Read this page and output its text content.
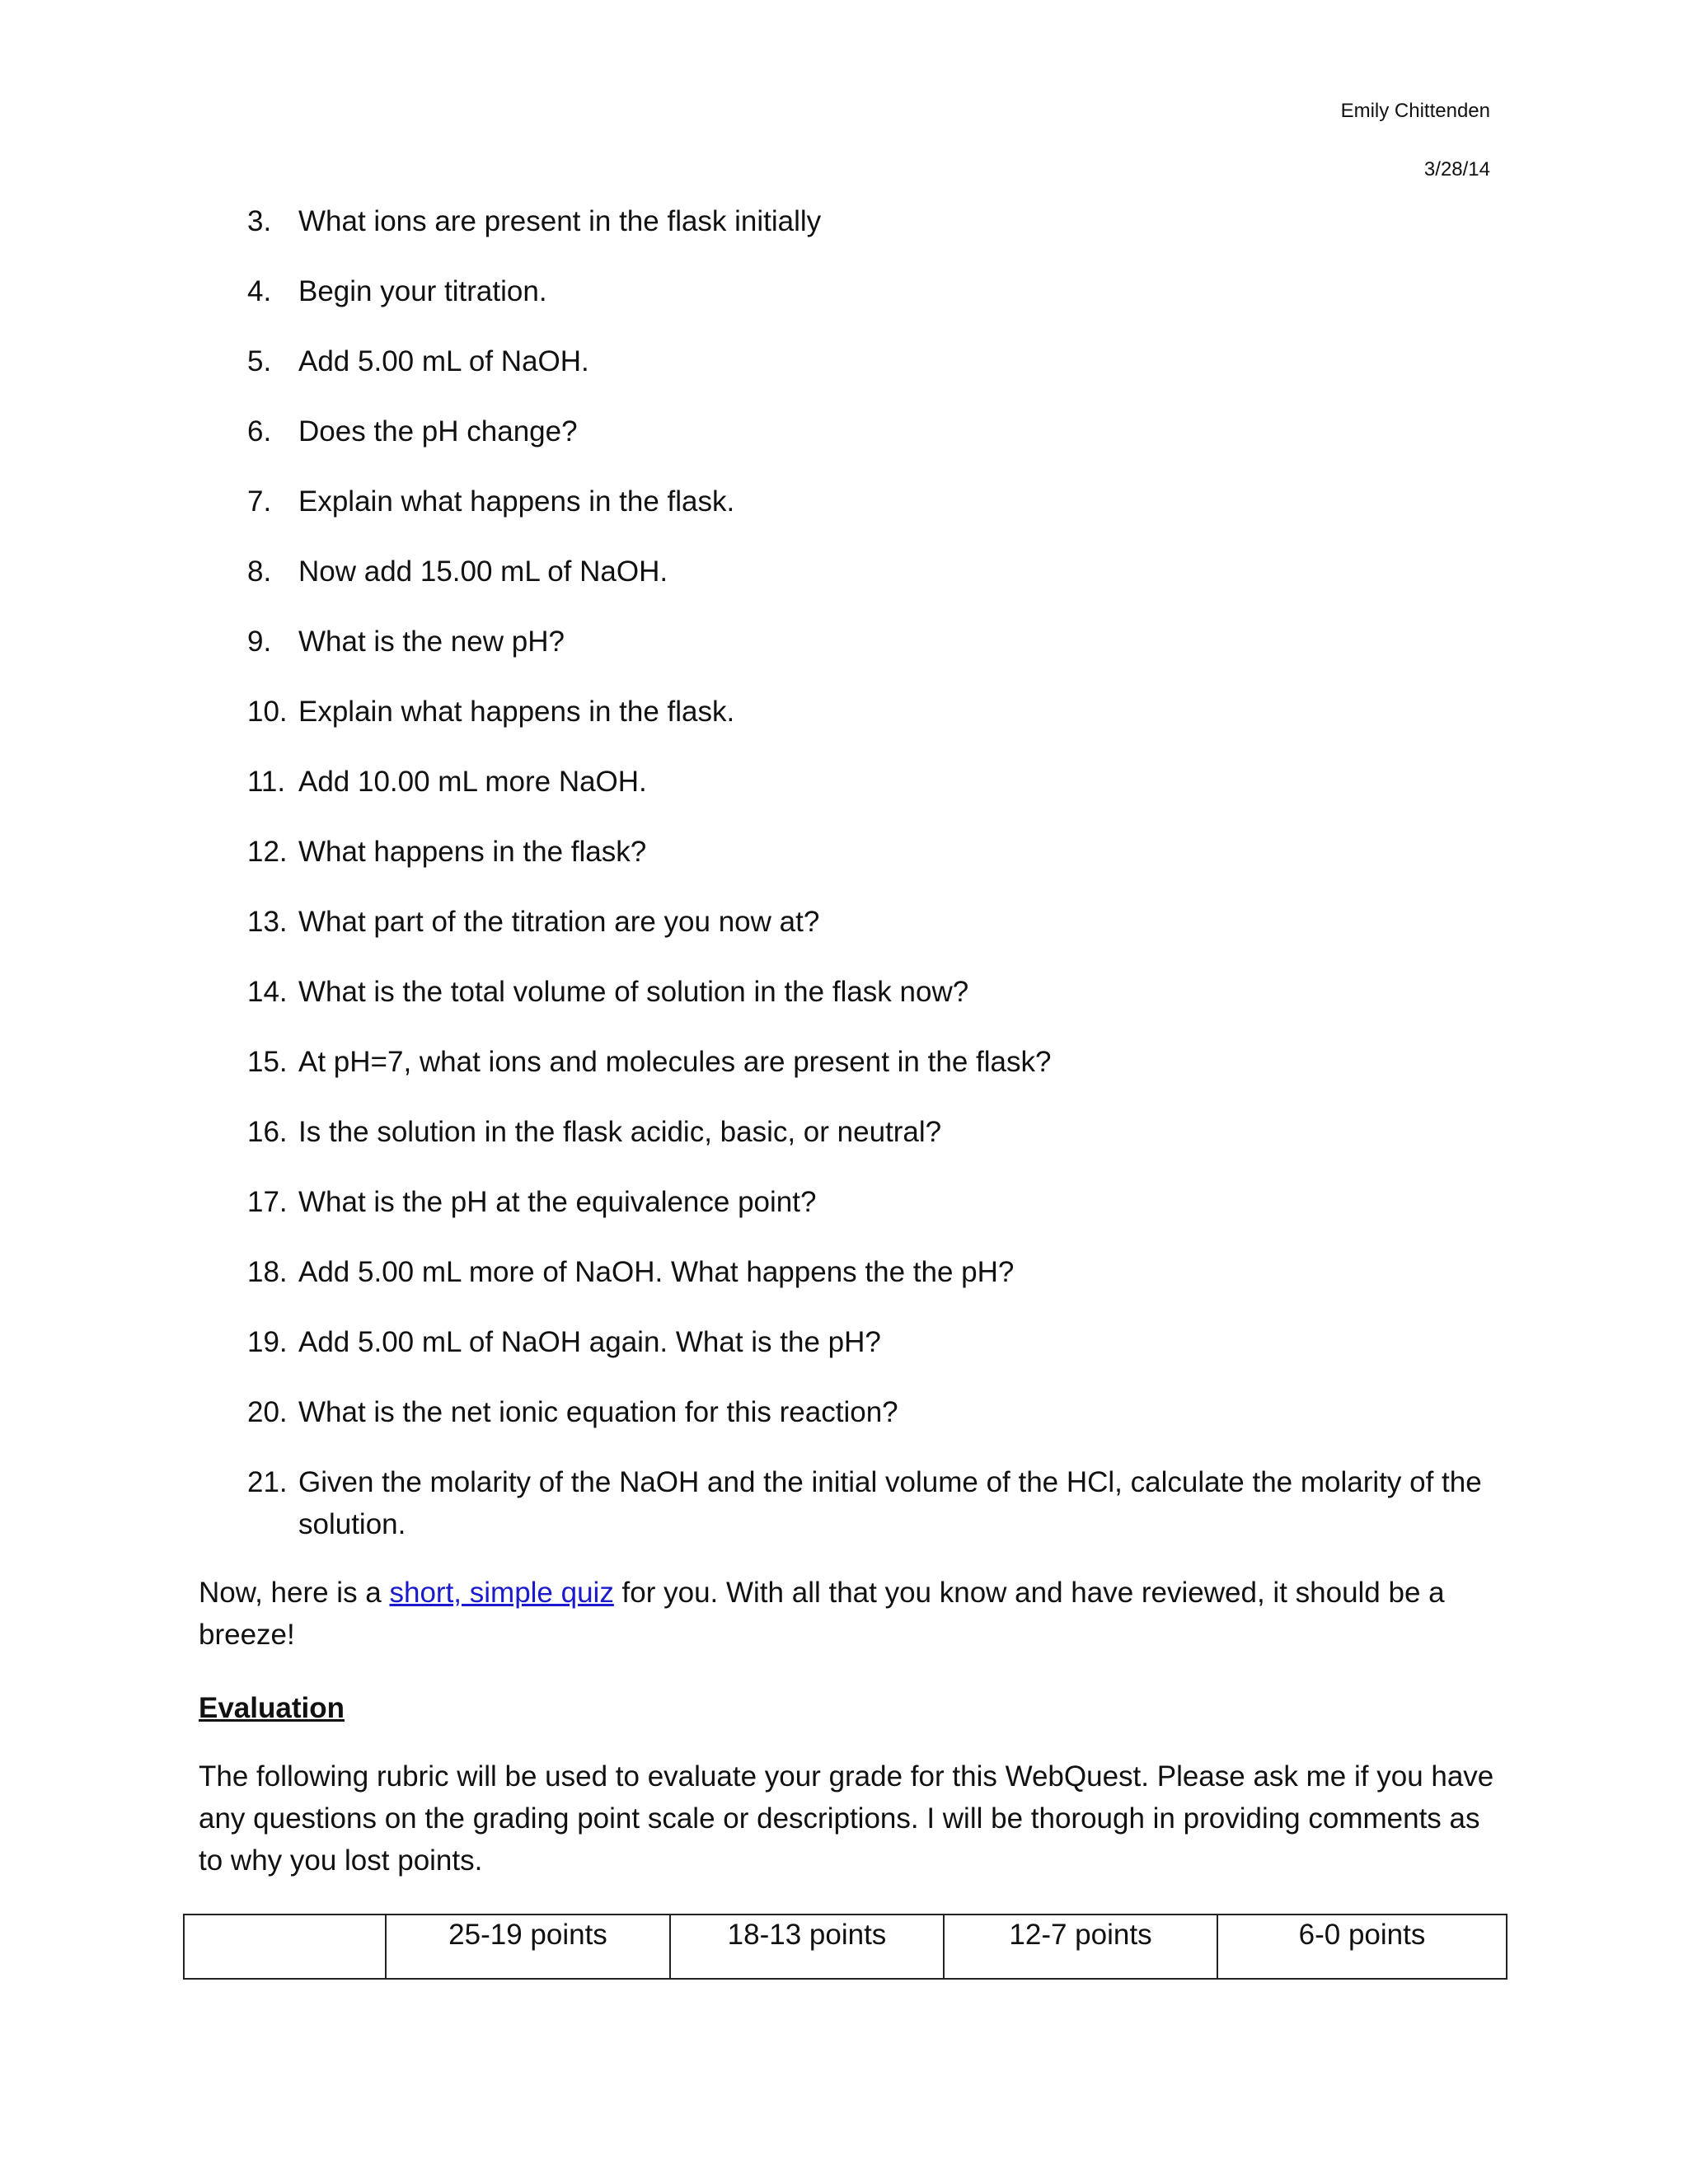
Emily Chittenden
3/28/14
3. What ions are present in the flask initially
4. Begin your titration.
5. Add 5.00 mL of NaOH.
6. Does the pH change?
7. Explain what happens in the flask.
8. Now add 15.00 mL of NaOH.
9. What is the new pH?
10. Explain what happens in the flask.
11. Add 10.00 mL more NaOH.
12. What happens in the flask?
13. What part of the titration are you now at?
14. What is the total volume of solution in the flask now?
15. At pH=7, what ions and molecules are present in the flask?
16. Is the solution in the flask acidic, basic, or neutral?
17. What is the pH at the equivalence point?
18. Add 5.00 mL more of NaOH. What happens the the pH?
19. Add 5.00 mL of NaOH again. What is the pH?
20. What is the net ionic equation for this reaction?
21. Given the molarity of the NaOH and the initial volume of the HCl, calculate the molarity of the solution.

Now, here is a short, simple quiz for you. With all that you know and have reviewed, it should be a breeze!

Evaluation

The following rubric will be used to evaluate your grade for this WebQuest. Please ask me if you have any questions on the grading point scale or descriptions. I will be thorough in providing comments as to why you lost points.

	25-19 points	18-13 points	12-7 points	6-0 points
